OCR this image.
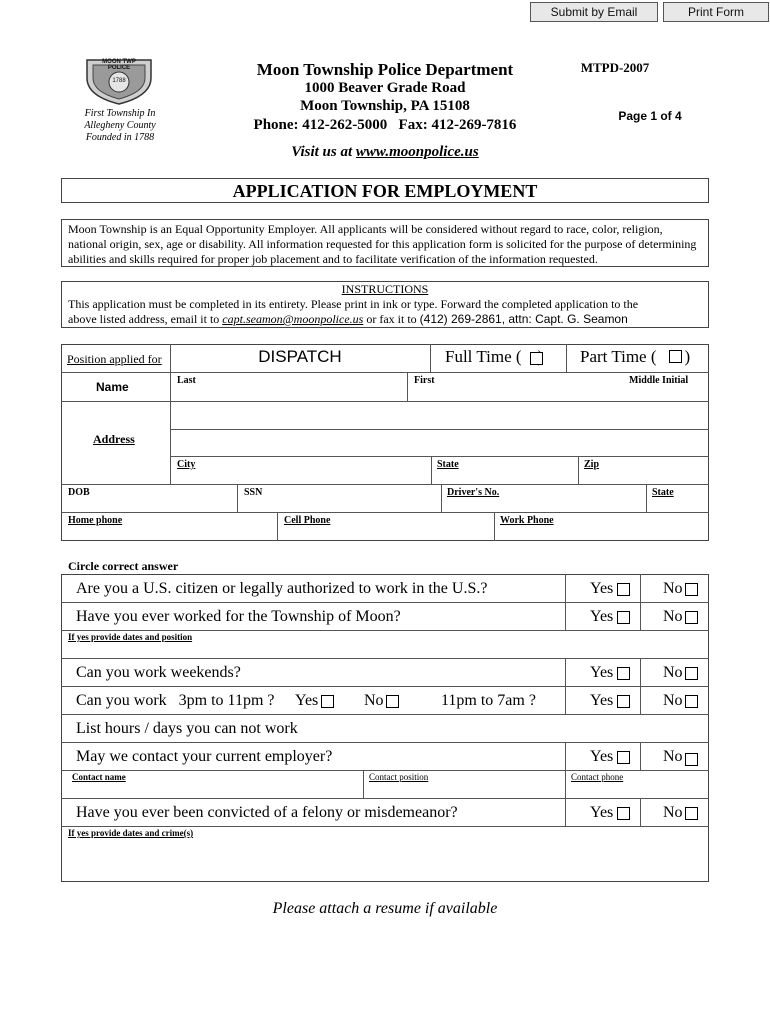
Submit by Email	Print Form
MOON TWP POLICE
1788
First Township In
Allegheny County
Founded in 1788
Moon Township Police Department
1000 Beaver Grade Road
Moon Township, PA 15108
Phone: 412-262-5000   Fax: 412-269-7816
Visit us at www.moonpolice.us
MTPD-2007
Page 1 of 4
APPLICATION FOR EMPLOYMENT
Moon Township is an Equal Opportunity Employer. All applicants will be considered without regard to race, color, religion, national origin, sex, age or disability. All information requested for this application form is solicited for the purpose of determining abilities and skills required for proper job placement and to facilitate verification of the information requested.
INSTRUCTIONS
This application must be completed in its entirety. Please print in ink or type. Forward the completed application to the
above listed address, email it to capt.seamon@moonpolice.us or fax it to (412) 269-2861, attn: Capt. G. Seamon
Position applied for	DISPATCH	Full Time (	Part Time ( )
Name	Last	First	Middle Initial
Address
City	State	Zip
DOB	SSN	Driver's No.	State
Home phone	Cell Phone	Work Phone
Circle correct answer
Are you a U.S. citizen or legally authorized to work in the U.S.?	Yes	No
Have you ever worked for the Township of Moon?	Yes	No
If yes provide dates and position
Can you work weekends?	Yes	No
Can you work   3pm to 11pm ? Yes	No	11pm to 7am ?	Yes	No
List hours / days you can not work
May we contact your current employer?	Yes	No
Contact name	Contact position	Contact phone
Have you ever been convicted of a felony or misdemeanor?	Yes	No
If yes provide dates and crime(s)
Please attach a resume if available
